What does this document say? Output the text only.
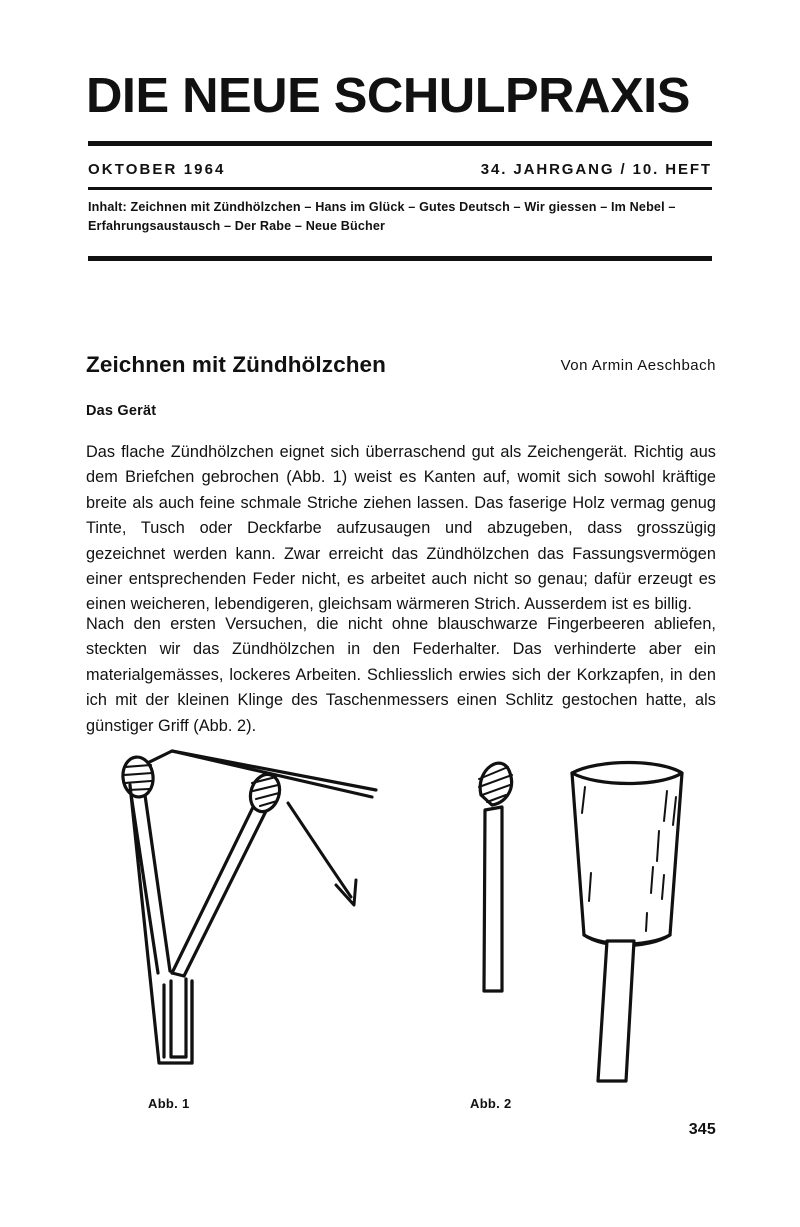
DIE NEUE SCHULPRAXIS
OKTOBER 1964	34. JAHRGANG / 10. HEFT
Inhalt: Zeichnen mit Zündhölzchen – Hans im Glück – Gutes Deutsch – Wir giessen – Im Nebel – Erfahrungsaustausch – Der Rabe – Neue Bücher
Zeichnen mit Zündhölzchen	Von Armin Aeschbach
Das Gerät

Das flache Zündhölzchen eignet sich überraschend gut als Zeichengerät. Richtig aus dem Briefchen gebrochen (Abb. 1) weist es Kanten auf, womit sich sowohl kräftige breite als auch feine schmale Striche ziehen lassen. Das faserige Holz vermag genug Tinte, Tusch oder Deckfarbe aufzusaugen und abzugeben, dass grosszügig gezeichnet werden kann. Zwar erreicht das Zündhölzchen das Fassungsvermögen einer entsprechenden Feder nicht, es arbeitet auch nicht so genau; dafür erzeugt es einen weicheren, lebendigeren, gleichsam wärmeren Strich. Ausserdem ist es billig.

Nach den ersten Versuchen, die nicht ohne blauschwarze Fingerbeeren abliefen, steckten wir das Zündhölzchen in den Federhalter. Das verhinderte aber ein materialgemässes, lockeres Arbeiten. Schliesslich erwies sich der Korkzapfen, in den ich mit der kleinen Klinge des Taschenmessers einen Schlitz gestochen hatte, als günstiger Griff (Abb. 2).

Abb. 1	Abb. 2
345
